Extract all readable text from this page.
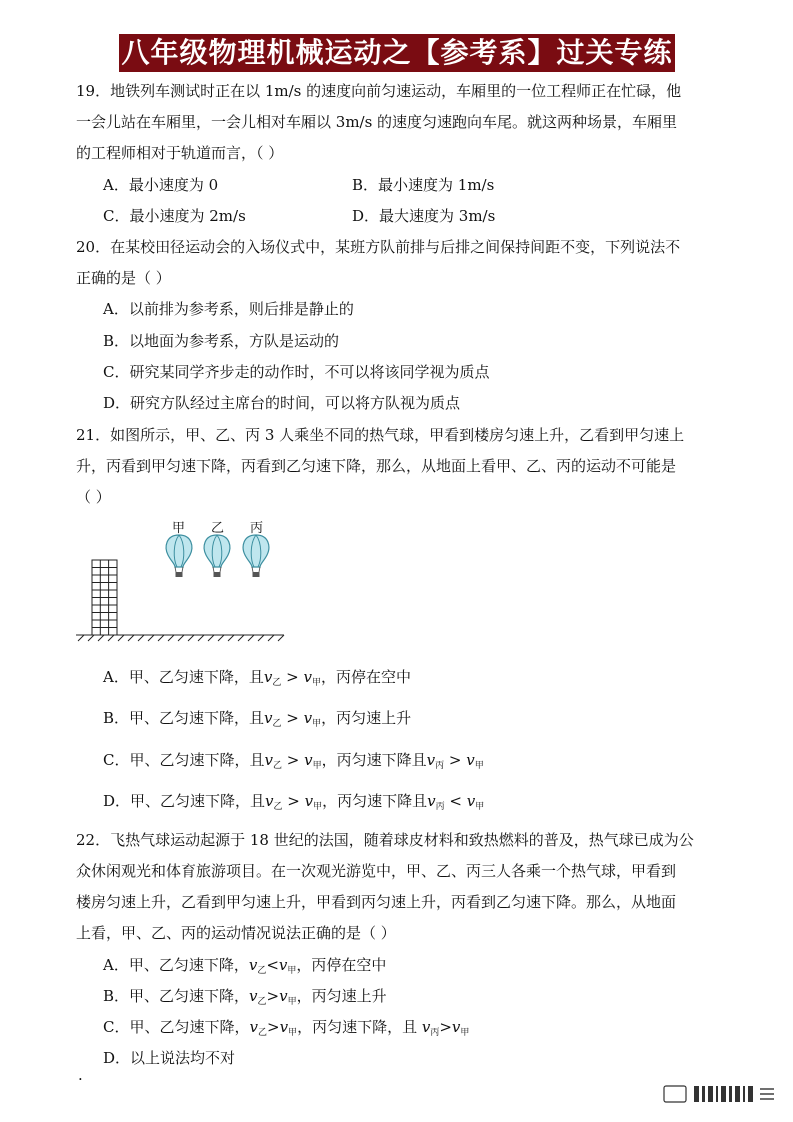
八年级物理机械运动之【参考系】过关专练
19．地铁列车测试时正在以 1m/s 的速度向前匀速运动，车厢里的一位工程师正在忙碌，他
一会儿站在车厢里，一会儿相对车厢以 3m/s 的速度匀速跑向车尾。就这两种场景，车厢里
的工程师相对于轨道而言，（ ）
A．最小速度为 0	B．最小速度为 1m/s
C．最小速度为 2m/s	D．最大速度为 3m/s
20．在某校田径运动会的入场仪式中，某班方队前排与后排之间保持间距不变，下列说法不
正确的是（ ）
A．以前排为参考系，则后排是静止的
B．以地面为参考系，方队是运动的
C．研究某同学齐步走的动作时，不可以将该同学视为质点
D．研究方队经过主席台的时间，可以将方队视为质点
21．如图所示，甲、乙、丙 3 人乘坐不同的热气球，甲看到楼房匀速上升，乙看到甲匀速上
升，丙看到甲匀速下降，丙看到乙匀速下降，那么，从地面上看甲、乙、丙的运动不可能是
（ ）
甲 乙 丙
A．甲、乙匀速下降，且$v_乙 > v_甲$，丙停在空中
B．甲、乙匀速下降，且$v_乙 > v_甲$，丙匀速上升
C．甲、乙匀速下降，且$v_乙 > v_甲$，丙匀速下降且$v_丙 > v_甲$
D．甲、乙匀速下降，且$v_乙 > v_甲$，丙匀速下降且$v_丙 < v_甲$
22．飞热气球运动起源于 18 世纪的法国，随着球皮材料和致热燃料的普及，热气球已成为公
众休闲观光和体育旅游项目。在一次观光游览中，甲、乙、丙三人各乘一个热气球，甲看到
楼房匀速上升，乙看到甲匀速上升，甲看到丙匀速上升，丙看到乙匀速下降。那么，从地面
上看，甲、乙、丙的运动情况说法正确的是（ ）
A．甲、乙匀速下降，$v_乙<v_甲$，丙停在空中
B．甲、乙匀速下降，$v_乙>v_甲$，丙匀速上升
C．甲、乙匀速下降，$v_乙>v_甲$，丙匀速下降，且 $v_丙>v_甲$
D．以上说法均不对
·
